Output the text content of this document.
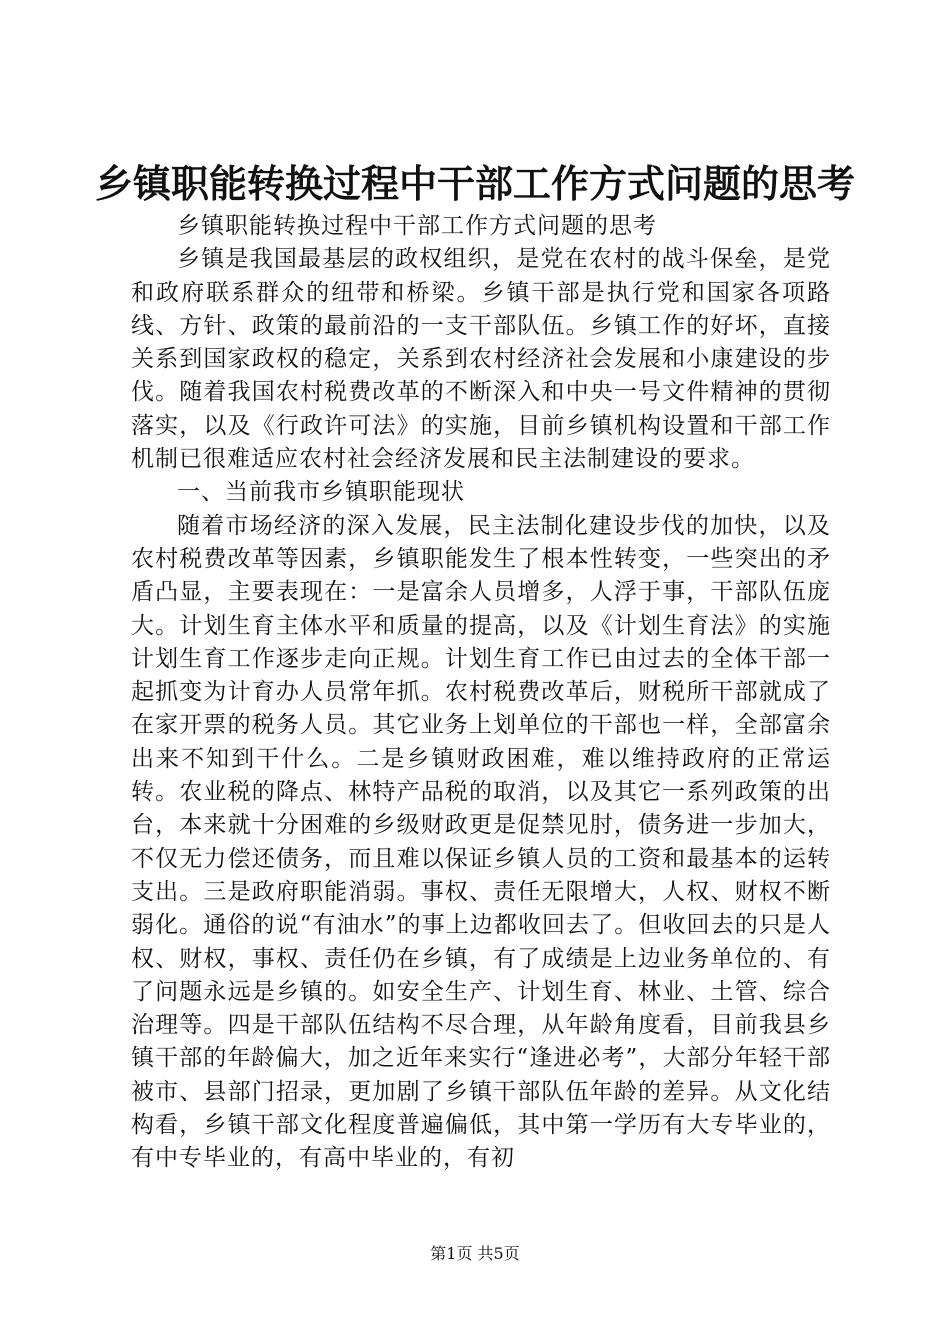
乡镇职能转换过程中干部工作方式问题的思考

乡镇职能转换过程中干部工作方式问题的思考

乡镇是我国最基层的政权组织，是党在农村的战斗保垒，是党和政府联系群众的纽带和桥梁。乡镇干部是执行党和国家各项路线、方针、政策的最前沿的一支干部队伍。乡镇工作的好坏，直接关系到国家政权的稳定，关系到农村经济社会发展和小康建设的步伐。随着我国农村税费改革的不断深入和中央一号文件精神的贯彻落实，以及《行政许可法》的实施，目前乡镇机构设置和干部工作机制已很难适应农村社会经济发展和民主法制建设的要求。

一、当前我市乡镇职能现状

随着市场经济的深入发展，民主法制化建设步伐的加快，以及农村税费改革等因素，乡镇职能发生了根本性转变，一些突出的矛盾凸显，主要表现在：一是富余人员增多，人浮于事，干部队伍庞大。计划生育主体水平和质量的提高，以及《计划生育法》的实施计划生育工作逐步走向正规。计划生育工作已由过去的全体干部一起抓变为计育办人员常年抓。农村税费改革后，财税所干部就成了在家开票的税务人员。其它业务上划单位的干部也一样，全部富余出来不知到干什么。二是乡镇财政困难，难以维持政府的正常运转。农业税的降点、林特产品税的取消，以及其它一系列政策的出台，本来就十分困难的乡级财政更是促禁见肘，债务进一步加大，不仅无力偿还债务，而且难以保证乡镇人员的工资和最基本的运转支出。三是政府职能消弱。事权、责任无限增大，人权、财权不断弱化。通俗的说“有油水”的事上边都收回去了。但收回去的只是人权、财权，事权、责任仍在乡镇，有了成绩是上边业务单位的、有了问题永远是乡镇的。如安全生产、计划生育、林业、土管、综合治理等。四是干部队伍结构不尽合理，从年龄角度看，目前我县乡镇干部的年龄偏大，加之近年来实行“逢进必考”，大部分年轻干部被市、县部门招录，更加剧了乡镇干部队伍年龄的差异。从文化结构看，乡镇干部文化程度普遍偏低，其中第一学历有大专毕业的，有中专毕业的，有高中毕业的，有初

第1页 共5页
